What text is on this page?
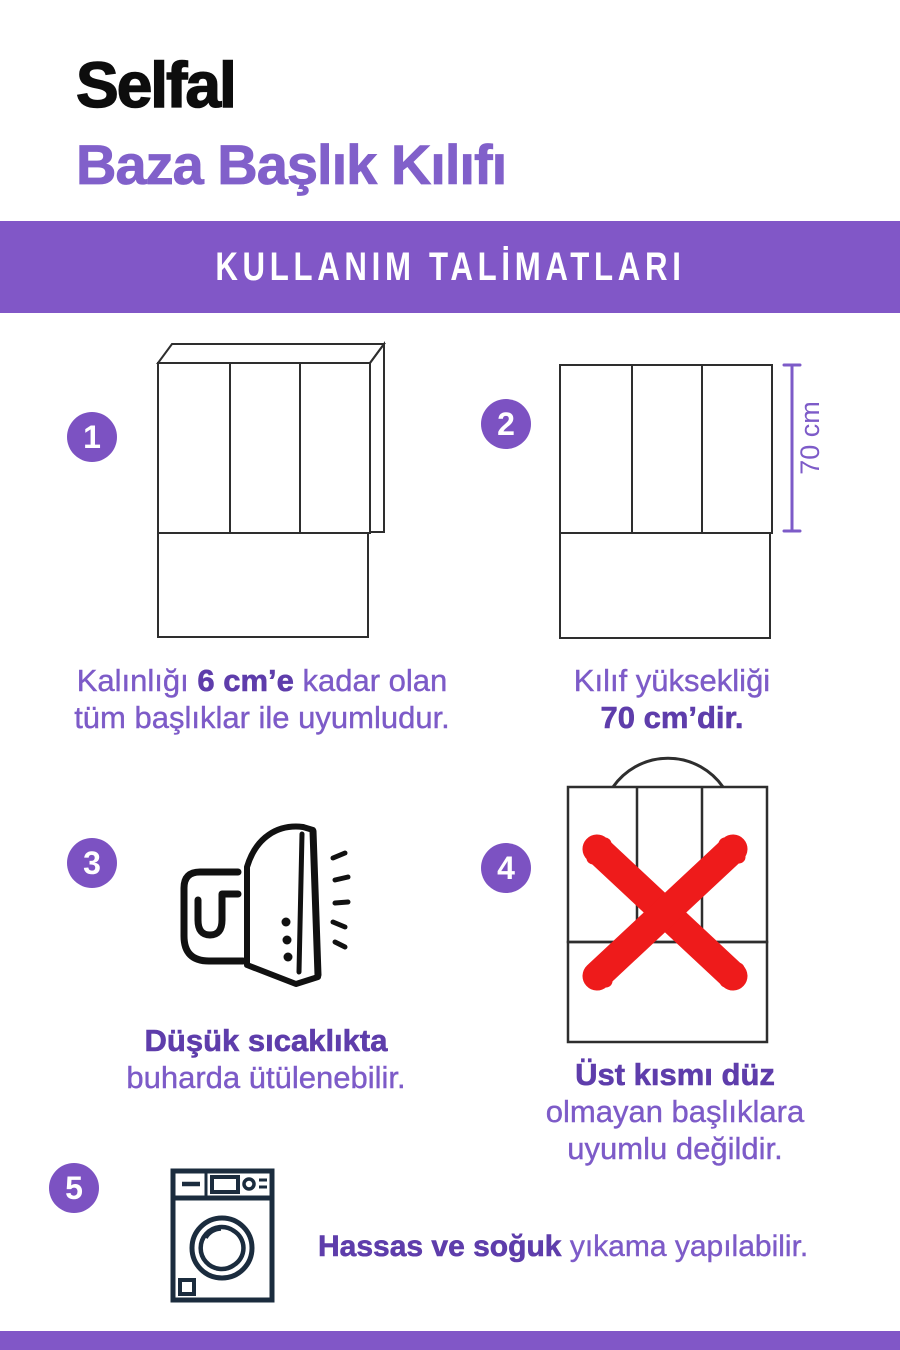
Selfal
Baza Başlık Kılıfı
KULLANIM TALİMATLARI
1	2
3	4
5
70 cm
Kalınlığı 6 cm’e kadar olan
tüm başlıklar ile uyumludur.
Kılıf yüksekliği
70 cm’dir.
Düşük sıcaklıkta
buharda ütülenebilir.	Üst kısmı düz
olmayan başlıklara
uyumlu değildir.
Hassas ve soğuk yıkama yapılabilir.
